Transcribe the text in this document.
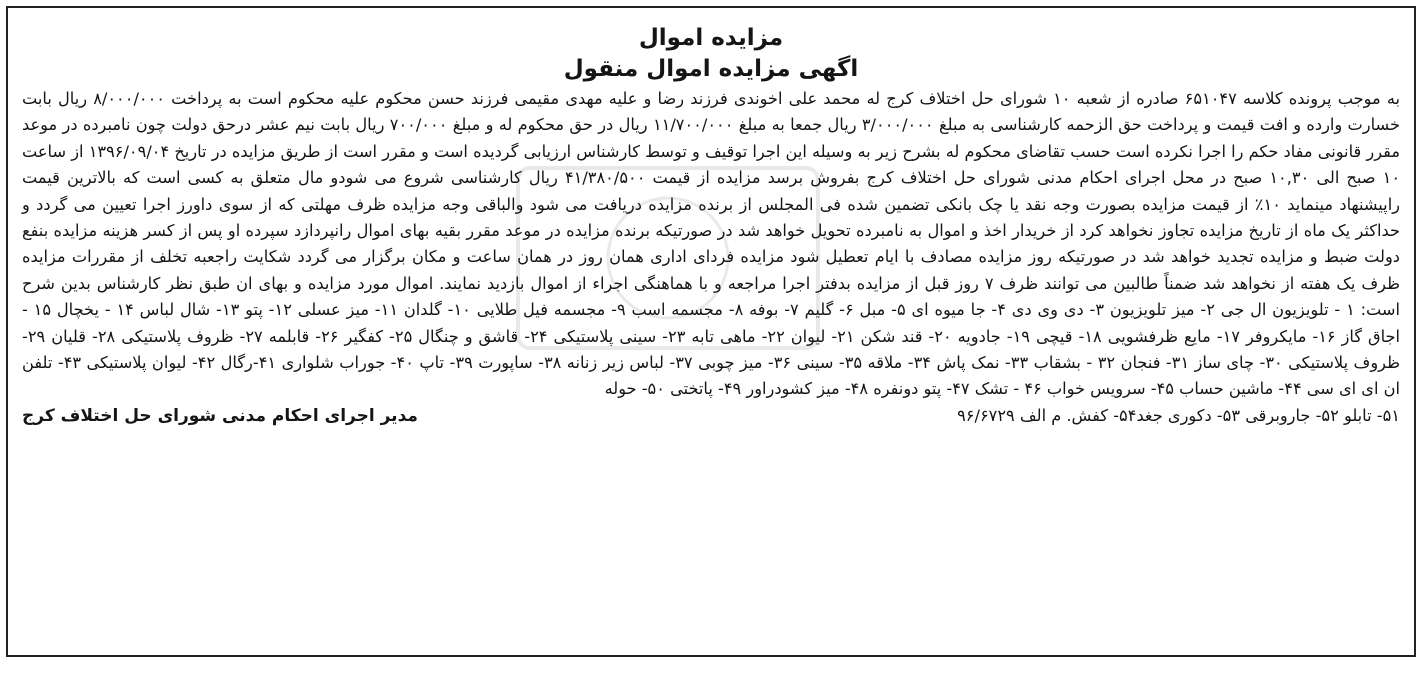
مزایده اموال
اگهی مزایده اموال منقول

به موجب پرونده کلاسه ۶۵۱۰۴۷ صادره از شعبه ۱۰ شورای حل اختلاف کرج له محمد علی اخوندی فرزند رضا و علیه مهدی مقیمی فرزند حسن محکوم علیه محکوم است به پرداخت ۸/۰۰۰/۰۰۰ ریال بابت خسارت وارده و افت قیمت و پرداخت حق الزحمه کارشناسی به مبلغ ۳/۰۰۰/۰۰۰ ریال جمعا به مبلغ ۱۱/۷۰۰/۰۰۰ ریال در حق محکوم له و مبلغ ۷۰۰/۰۰۰ ریال بابت نیم عشر درحق دولت چون نامبرده در موعد مقرر قانونی مفاد حکم را اجرا نکرده است حسب تقاضای محکوم له بشرح زیر به وسیله این اجرا توقیف و توسط کارشناس ارزیابی گردیده است و مقرر است از طریق مزایده در تاریخ ۱۳۹۶/۰۹/۰۴ از ساعت ۱۰ صبح الی ۱۰,۳۰ صبح در محل اجرای احکام مدنی شورای حل اختلاف کرج بفروش برسد مزایده از قیمت ۴۱/۳۸۰/۵۰۰ ریال کارشناسی شروع می شودو مال متعلق به کسی است که بالاترین قیمت راپیشنهاد مینماید ۱۰٪ از قیمت مزایده بصورت وجه نقد یا چک بانکی تضمین شده فی المجلس از برنده مزایده دریافت می شود والباقی وجه مزایده ظرف مهلتی که از سوی داورز اجرا تعیین می گردد و حداکثر یک ماه از تاریخ مزایده تجاوز نخواهد کرد از خریدار اخذ و اموال به نامبرده تحویل خواهد شد در صورتیکه برنده مزایده در موعد مقرر بقیه بهای اموال رانپردازد سپرده او پس از کسر هزینه مزایده بنفع دولت ضبط و مزایده تجدید خواهد شد در صورتیکه روز مزایده مصادف با ایام تعطیل شود مزایده فردای اداری همان روز در همان ساعت و مکان برگزار می گردد شکایت راجعبه تخلف از مقررات مزایده ظرف یک هفته از نخواهد شد ضمناً طالبین می توانند ظرف ۷ روز قبل از مزایده بدفتر اجرا مراجعه و با هماهنگی اجراء از اموال بازدید نمایند. اموال مورد مزایده و بهای ان طبق نظر کارشناس بدین شرح است: ۱ - تلویزیون ال جی ۲- میز تلویزیون ۳- دی وی دی ۴- جا میوه ای ۵- مبل ۶- گلیم ۷- بوفه ۸- مجسمه اسب ۹- مجسمه فیل طلایی ۱۰- گلدان ۱۱- میز عسلی ۱۲- پتو ۱۳- شال لباس ۱۴ - یخچال ۱۵ - اجاق گاز ۱۶- مایکروفر ۱۷- مایع ظرفشویی ۱۸- قیچی ۱۹- جادویه ۲۰- قند شکن ۲۱- لیوان ۲۲- ماهی تابه ۲۳- سینی پلاستیکی ۲۴- قاشق و چنگال ۲۵- کفگیر ۲۶- قابلمه ۲۷- ظروف پلاستیکی ۲۸- قلیان ۲۹- ظروف پلاستیکی ۳۰- چای ساز ۳۱- فنجان ۳۲ - بشقاب ۳۳- نمک پاش ۳۴- ملاقه ۳۵- سینی ۳۶- میز چوبی ۳۷- لباس زیر زنانه ۳۸- ساپورت ۳۹- تاپ ۴۰- جوراب شلواری ۴۱-رگال ۴۲- لیوان پلاستیکی ۴۳- تلفن ان ای ای سی ۴۴- ماشین حساب ۴۵- سرویس خواب ۴۶ - تشک ۴۷- پتو دونفره ۴۸- میز کشودراور ۴۹- پاتختی ۵۰- حوله

۵۱- تابلو ۵۲- جاروبرقی ۵۳- دکوری جغد۵۴- کفش. م الف ۹۶/۶۷۲۹
مدیر اجرای احکام مدنی شورای حل اختلاف کرج
